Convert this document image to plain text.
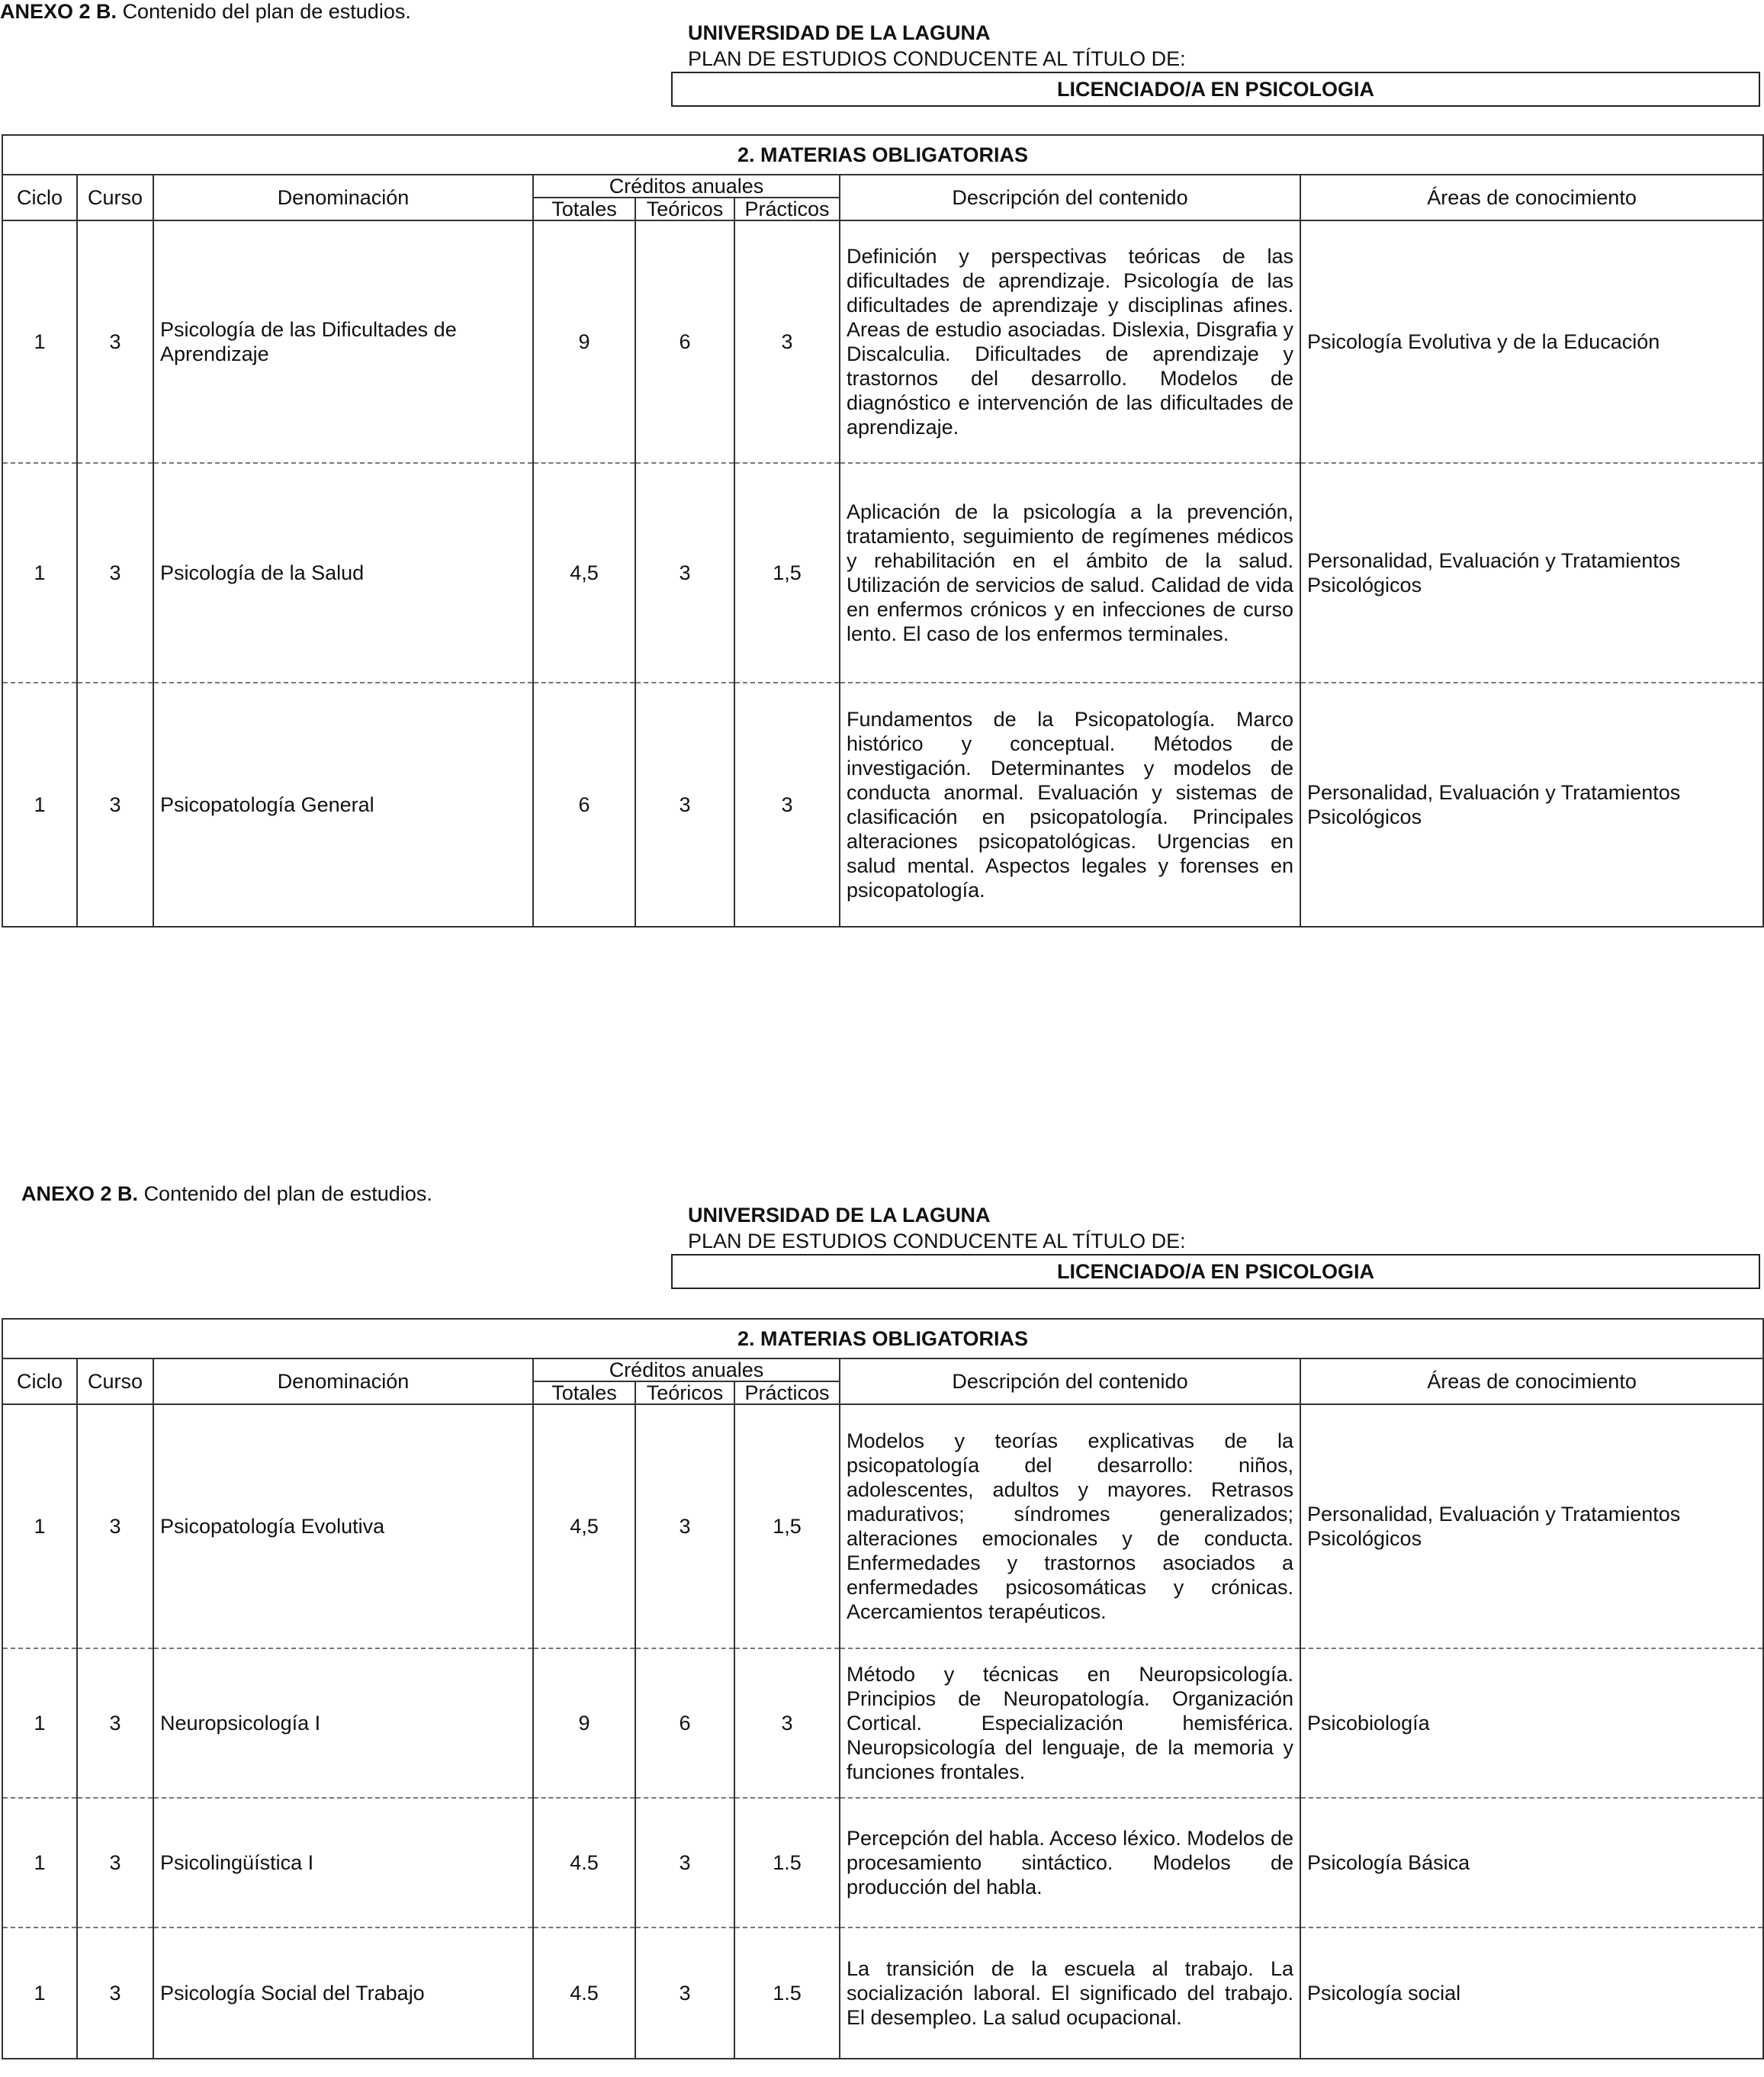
ANEXO 2 B. Contenido del plan de estudios.
UNIVERSIDAD DE LA LAGUNA
PLAN DE ESTUDIOS CONDUCENTE AL TÍTULO DE:
LICENCIADO/A EN PSICOLOGIA
2. MATERIAS OBLIGATORIAS							
Ciclo	Curso	Denominación	Créditos anuales			Descripción del contenido	Áreas de conocimiento
			Totales	Teóricos	Prácticos		
1	3	Psicología de las Dificultades de Aprendizaje	9	6	3	Definición y perspectivas teóricas de las dificultades de aprendizaje. Psicología de las dificultades de aprendizaje y disciplinas afines. Areas de estudio asociadas. Dislexia, Disgrafia y Discalculia. Dificultades de aprendizaje y trastornos del desarrollo. Modelos de diagnóstico e intervención de las dificultades de aprendizaje.	Psicología Evolutiva y de la Educación
1	3	Psicología de la Salud	4,5	3	1,5	Aplicación de la psicología a la prevención, tratamiento, seguimiento de regímenes médicos y rehabilitación en el ámbito de la salud. Utilización de servicios de salud. Calidad de vida en enfermos crónicos y en infecciones de curso lento. El caso de los enfermos terminales.	Personalidad, Evaluación y Tratamientos Psicológicos
1	3	Psicopatología General	6	3	3	Fundamentos de la Psicopatología. Marco histórico y conceptual. Métodos de investigación. Determinantes y modelos de conducta anormal. Evaluación y sistemas de clasificación en psicopatología. Principales alteraciones psicopatológicas. Urgencias en salud mental. Aspectos legales y forenses en psicopatología.	Personalidad, Evaluación y Tratamientos Psicológicos
ANEXO 2 B. Contenido del plan de estudios.
UNIVERSIDAD DE LA LAGUNA
PLAN DE ESTUDIOS CONDUCENTE AL TÍTULO DE:
LICENCIADO/A EN PSICOLOGIA
2. MATERIAS OBLIGATORIAS							
Ciclo	Curso	Denominación	Créditos anuales			Descripción del contenido	Áreas de conocimiento
			Totales	Teóricos	Prácticos		
1	3	Psicopatología Evolutiva	4,5	3	1,5	Modelos y teorías explicativas de la psicopatología del desarrollo: niños, adolescentes, adultos y mayores. Retrasos madurativos; síndromes generalizados; alteraciones emocionales y de conducta. Enfermedades y trastornos asociados a enfermedades psicosomáticas y crónicas. Acercamientos terapéuticos.	Personalidad, Evaluación y Tratamientos Psicológicos
1	3	Neuropsicología I	9	6	3	Método y técnicas en Neuropsicología. Principios de Neuropatología. Organización Cortical. Especialización hemisférica. Neuropsicología del lenguaje, de la memoria y funciones frontales.	Psicobiología
1	3	Psicolingüística I	4.5	3	1.5	Percepción del habla. Acceso léxico. Modelos de procesamiento sintáctico. Modelos de producción del habla.	Psicología Básica
1	3	Psicología Social del Trabajo	4.5	3	1.5	La transición de la escuela al trabajo. La socialización laboral. El significado del trabajo. El desempleo. La salud ocupacional.	Psicología social
